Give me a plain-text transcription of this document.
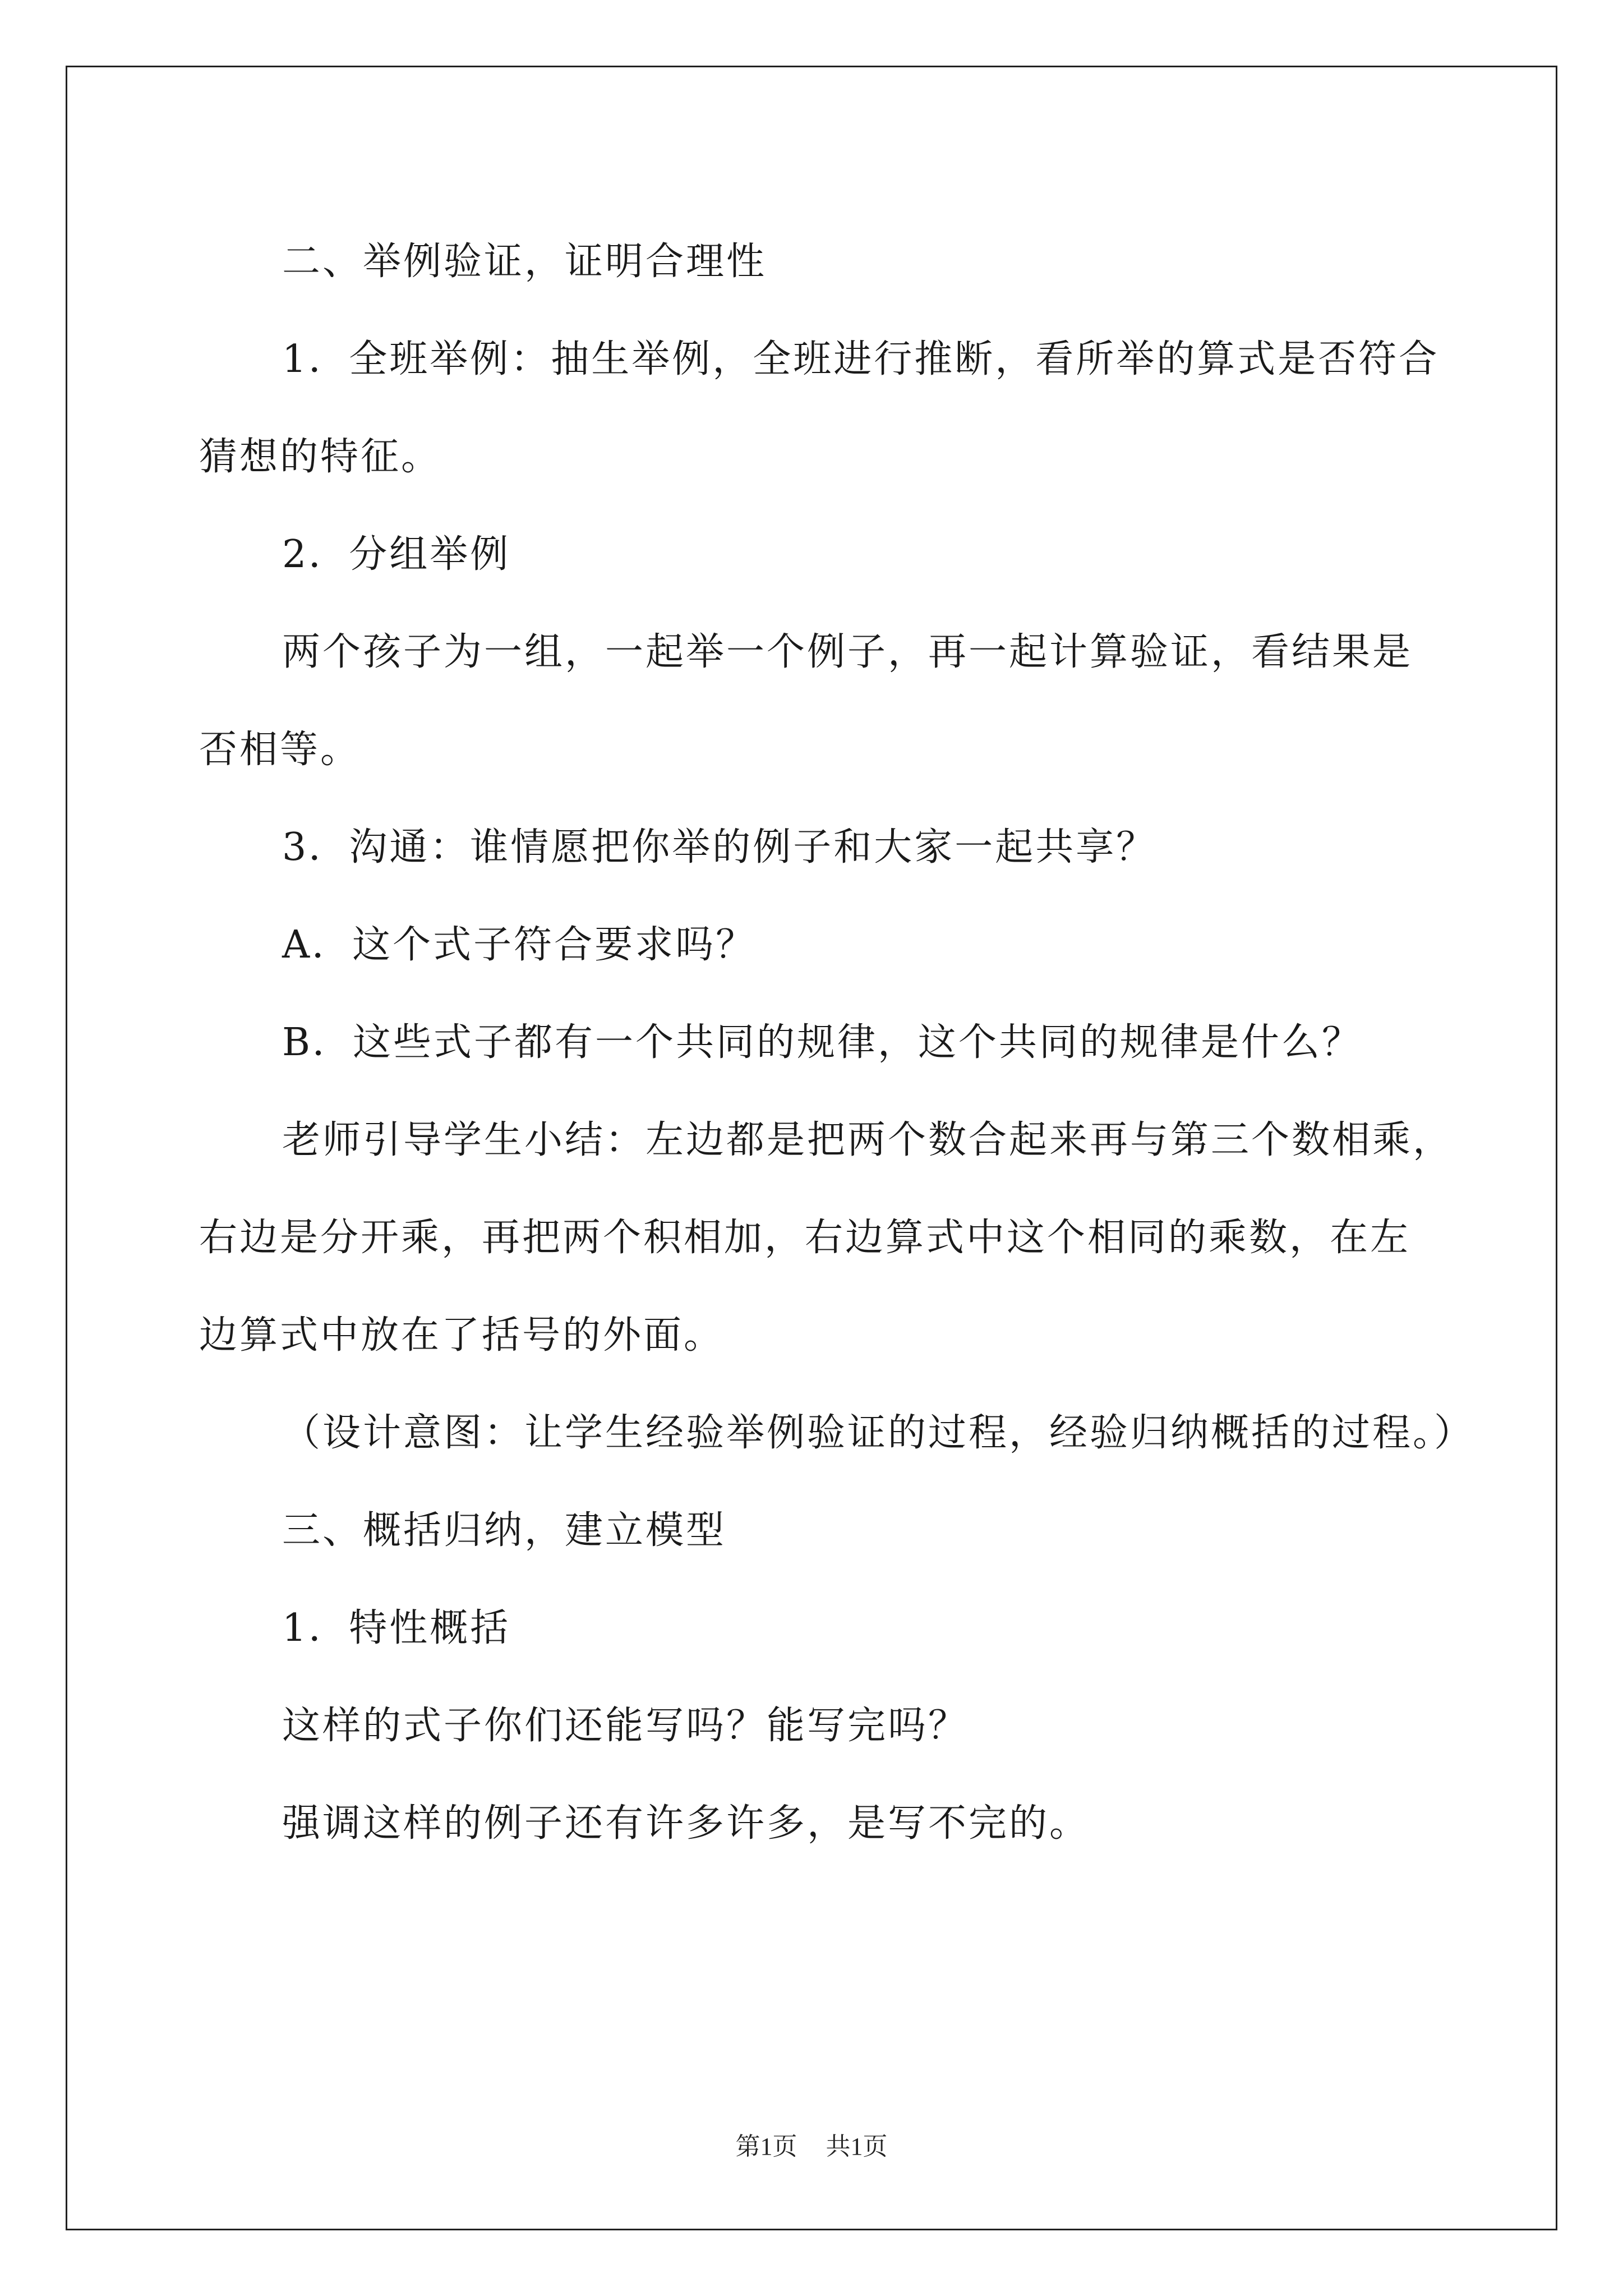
二、举例验证，证明合理性

1．全班举例：抽生举例，全班进行推断，看所举的算式是否符合

猜想的特征。

2．分组举例

两个孩子为一组，一起举一个例子，再一起计算验证，看结果是

否相等。

3．沟通：谁情愿把你举的例子和大家一起共享？

A．这个式子符合要求吗？

B．这些式子都有一个共同的规律，这个共同的规律是什么？

老师引导学生小结：左边都是把两个数合起来再与第三个数相乘，

右边是分开乘，再把两个积相加，右边算式中这个相同的乘数，在左

边算式中放在了括号的外面。

（设计意图：让学生经验举例验证的过程，经验归纳概括的过程。）

三、概括归纳，建立模型

1．特性概括

这样的式子你们还能写吗？能写完吗？

强调这样的例子还有许多许多，是写不完的。

第1页 共1页
